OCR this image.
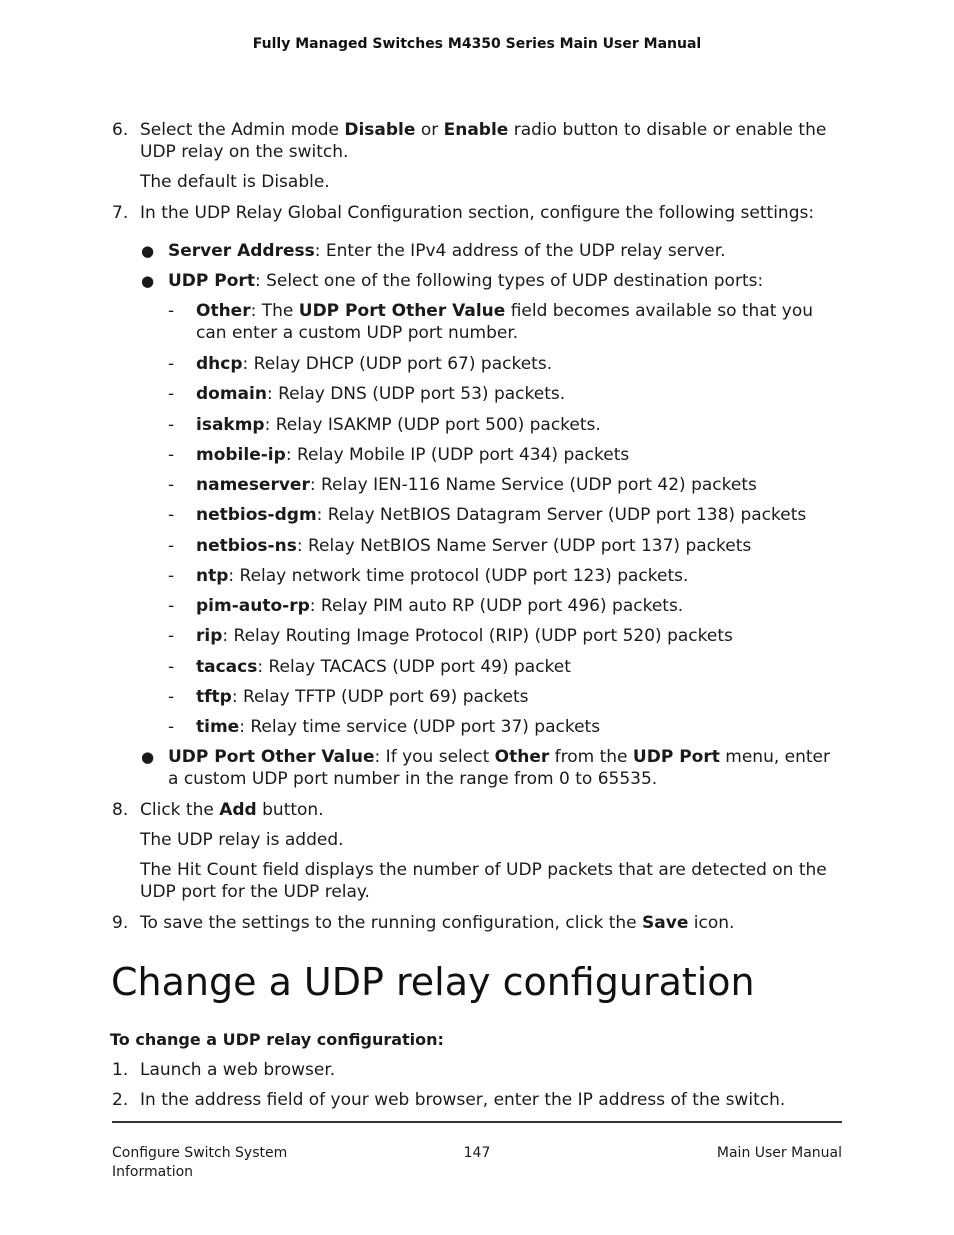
Fully Managed Switches M4350 Series Main User Manual
6. Select the Admin mode Disable or Enable radio button to disable or enable the UDP relay on the switch.
The default is Disable.
7. In the UDP Relay Global Configuration section, configure the following settings:
● Server Address: Enter the IPv4 address of the UDP relay server.
● UDP Port: Select one of the following types of UDP destination ports:
- Other: The UDP Port Other Value field becomes available so that you can enter a custom UDP port number.
- dhcp: Relay DHCP (UDP port 67) packets.
- domain: Relay DNS (UDP port 53) packets.
- isakmp: Relay ISAKMP (UDP port 500) packets.
- mobile-ip: Relay Mobile IP (UDP port 434) packets
- nameserver: Relay IEN-116 Name Service (UDP port 42) packets
- netbios-dgm: Relay NetBIOS Datagram Server (UDP port 138) packets
- netbios-ns: Relay NetBIOS Name Server (UDP port 137) packets
- ntp: Relay network time protocol (UDP port 123) packets.
- pim-auto-rp: Relay PIM auto RP (UDP port 496) packets.
- rip: Relay Routing Image Protocol (RIP) (UDP port 520) packets
- tacacs: Relay TACACS (UDP port 49) packet
- tftp: Relay TFTP (UDP port 69) packets
- time: Relay time service (UDP port 37) packets
● UDP Port Other Value: If you select Other from the UDP Port menu, enter a custom UDP port number in the range from 0 to 65535.
8. Click the Add button.
The UDP relay is added.
The Hit Count field displays the number of UDP packets that are detected on the UDP port for the UDP relay.
9. To save the settings to the running configuration, click the Save icon.
Change a UDP relay configuration
To change a UDP relay configuration:
1. Launch a web browser.
2. In the address field of your web browser, enter the IP address of the switch.
Configure Switch System Information
147	Main User Manual
